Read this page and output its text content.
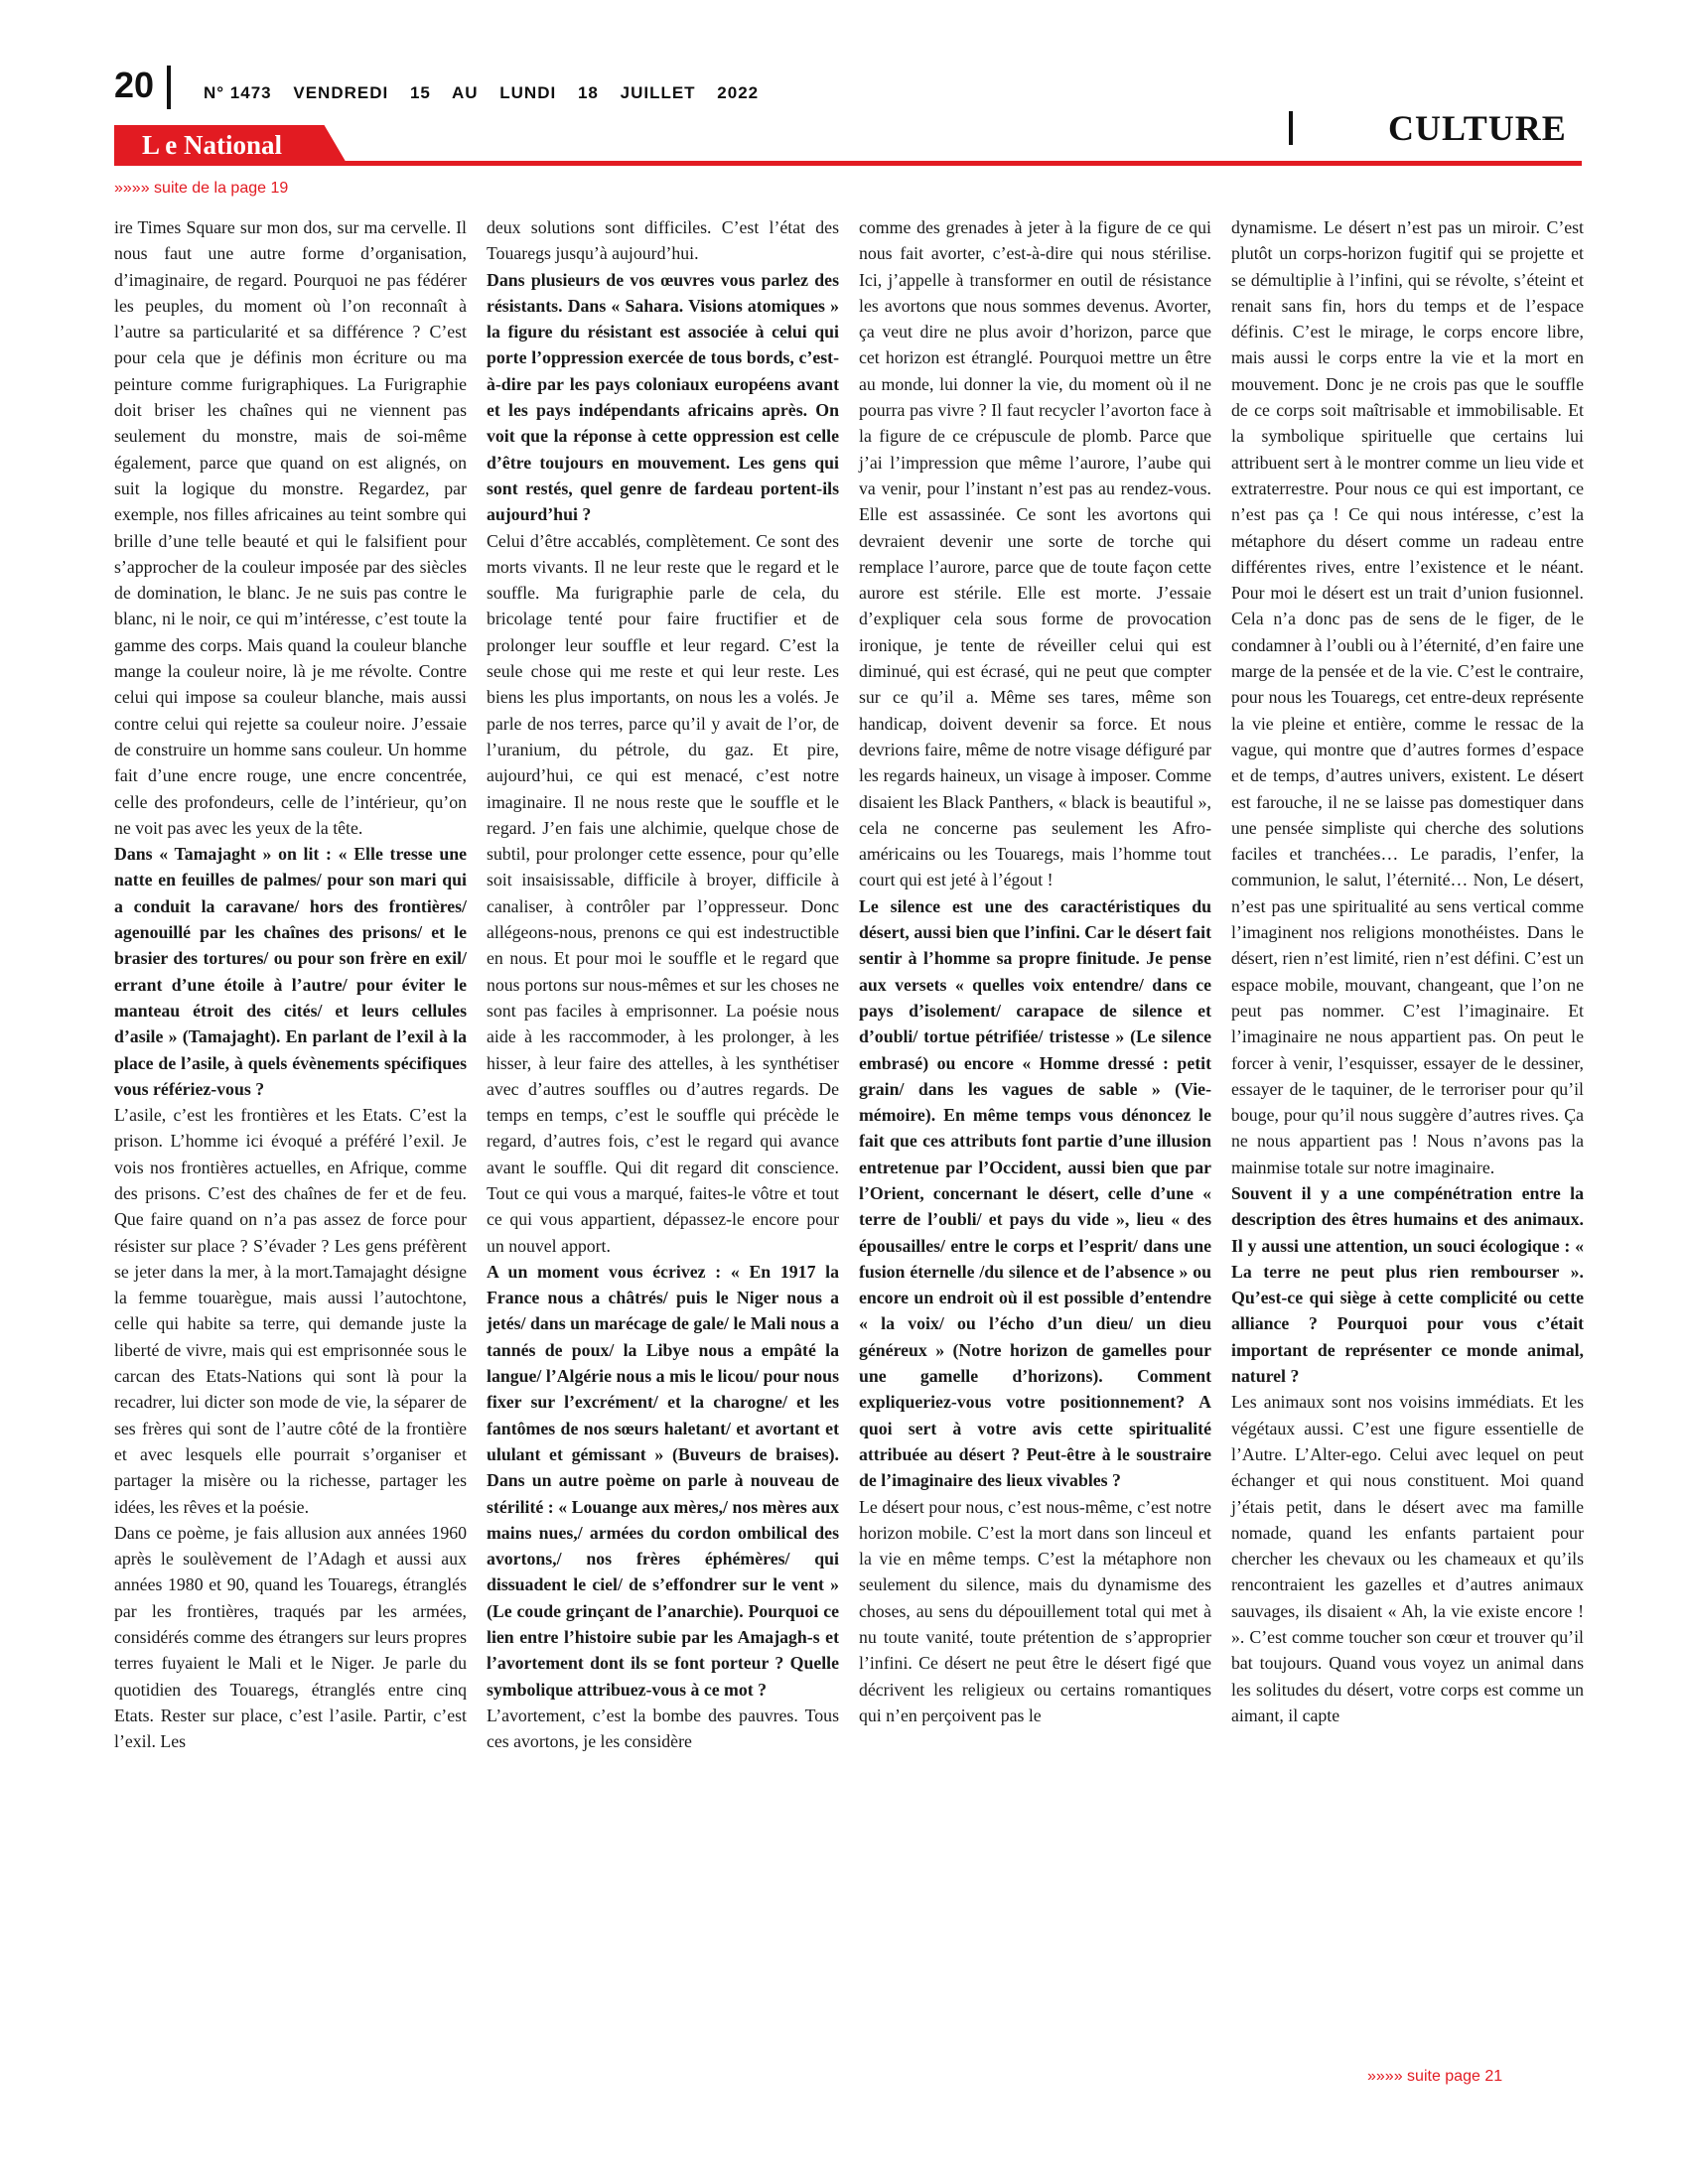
20	N° 1473 VENDREDI 15 AU LUNDI 18 JUILLET 2022
L e National	CULTURE
»»»» suite de la page 19

ire Times Square sur mon dos, sur ma cervelle. Il nous faut une autre forme d’organisation, d’imaginaire, de regard. Pourquoi ne pas fédérer les peuples, du moment où l’on reconnaît à l’autre sa particularité et sa différence ? C’est pour cela que je définis mon écriture ou ma peinture comme furigraphiques. La Furigraphie doit briser les chaînes qui ne viennent pas seulement du monstre, mais de soi-même également, parce que quand on est alignés, on suit la logique du monstre. Regardez, par exemple, nos filles africaines au teint sombre qui brille d’une telle beauté et qui le falsifient pour s’approcher de la couleur imposée par des siècles de domination, le blanc. Je ne suis pas contre le blanc, ni le noir, ce qui m’intéresse, c’est toute la gamme des corps. Mais quand la couleur blanche mange la couleur noire, là je me révolte. Contre celui qui impose sa couleur blanche, mais aussi contre celui qui rejette sa couleur noire. J’essaie de construire un homme sans couleur. Un homme fait d’une encre rouge, une encre concentrée, celle des profondeurs, celle de l’intérieur, qu’on ne voit pas avec les yeux de la tête.

Dans « Tamajaght » on lit : « Elle tresse une natte en feuilles de palmes/ pour son mari qui a conduit la caravane/ hors des frontières/ agenouillé par les chaînes des prisons/ et le brasier des tortures/ ou pour son frère en exil/ errant d’une étoile à l’autre/ pour éviter le manteau étroit des cités/ et leurs cellules d’asile » (Tamajaght). En parlant de l’exil à la place de l’asile, à quels évènements spécifiques vous référiez-vous ?

L’asile, c’est les frontières et les Etats. C’est la prison. L’homme ici évoqué a préféré l’exil. Je vois nos frontières actuelles, en Afrique, comme des prisons. C’est des chaînes de fer et de feu. Que faire quand on n’a pas assez de force pour résister sur place ? S’évader ? Les gens préfèrent se jeter dans la mer, à la mort.Tamajaght désigne la femme touarègue, mais aussi l’autochtone, celle qui habite sa terre, qui demande juste la liberté de vivre, mais qui est emprisonnée sous le carcan des Etats-Nations qui sont là pour la recadrer, lui dicter son mode de vie, la séparer de ses frères qui sont de l’autre côté de la frontière et avec lesquels elle pourrait s’organiser et partager la misère ou la richesse, partager les idées, les rêves et la poésie.

Dans ce poème, je fais allusion aux années 1960 après le soulèvement de l’Adagh et aussi aux années 1980 et 90, quand les Touaregs, étranglés par les frontières, traqués par les armées, considérés comme des étrangers sur leurs propres terres fuyaient le Mali et le Niger. Je parle du quotidien des Touaregs, étranglés entre cinq Etats. Rester sur place, c’est l’asile. Partir, c’est l’exil. Les

deux solutions sont difficiles. C’est l’état des Touaregs jusqu’à aujourd’hui.

Dans plusieurs de vos œuvres vous parlez des résistants. Dans « Sahara. Visions atomiques » la figure du résistant est associée à celui qui porte l’oppression exercée de tous bords, c’est-à-dire par les pays coloniaux européens avant et les pays indépendants africains après. On voit que la réponse à cette oppression est celle d’être toujours en mouvement. Les gens qui sont restés, quel genre de fardeau portent-ils aujourd’hui ?

Celui d’être accablés, complètement. Ce sont des morts vivants. Il ne leur reste que le regard et le souffle. Ma furigraphie parle de cela, du bricolage tenté pour faire fructifier et de prolonger leur souffle et leur regard. C’est la seule chose qui me reste et qui leur reste. Les biens les plus importants, on nous les a volés. Je parle de nos terres, parce qu’il y avait de l’or, de l’uranium, du pétrole, du gaz. Et pire, aujourd’hui, ce qui est menacé, c’est notre imaginaire. Il ne nous reste que le souffle et le regard. J’en fais une alchimie, quelque chose de subtil, pour prolonger cette essence, pour qu’elle soit insaisissable, difficile à broyer, difficile à canaliser, à contrôler par l’oppresseur. Donc allégeons-nous, prenons ce qui est indestructible en nous. Et pour moi le souffle et le regard que nous portons sur nous-mêmes et sur les choses ne sont pas faciles à emprisonner. La poésie nous aide à les raccommoder, à les prolonger, à les hisser, à leur faire des attelles, à les synthétiser avec d’autres souffles ou d’autres regards. De temps en temps, c’est le souffle qui précède le regard, d’autres fois, c’est le regard qui avance avant le souffle. Qui dit regard dit conscience. Tout ce qui vous a marqué, faites-le vôtre et tout ce qui vous appartient, dépassez-le encore pour un nouvel apport.

A un moment vous écrivez : « En 1917 la France nous a châtrés/ puis le Niger nous a jetés/ dans un marécage de gale/ le Mali nous a tannés de poux/ la Libye nous a empâté la langue/ l’Algérie nous a mis le licou/ pour nous fixer sur l’excrément/ et la charogne/ et les fantômes de nos sœurs haletant/ et avortant et ululant et gémissant » (Buveurs de braises). Dans un autre poème on parle à nouveau de stérilité : « Louange aux mères,/ nos mères aux mains nues,/ armées du cordon ombilical des avortons,/ nos frères éphémères/ qui dissuadent le ciel/ de s’effondrer sur le vent » (Le coude grinçant de l’anarchie). Pourquoi ce lien entre l’histoire subie par les Amajagh-s et l’avortement dont ils se font porteur ? Quelle symbolique attribuez-vous à ce mot ?

L’avortement, c’est la bombe des pauvres. Tous ces avortons, je les considère

comme des grenades à jeter à la figure de ce qui nous fait avorter, c’est-à-dire qui nous stérilise. Ici, j’appelle à transformer en outil de résistance les avortons que nous sommes devenus. Avorter, ça veut dire ne plus avoir d’horizon, parce que cet horizon est étranglé. Pourquoi mettre un être au monde, lui donner la vie, du moment où il ne pourra pas vivre ? Il faut recycler l’avorton face à la figure de ce crépuscule de plomb. Parce que j’ai l’impression que même l’aurore, l’aube qui va venir, pour l’instant n’est pas au rendez-vous. Elle est assassinée. Ce sont les avortons qui devraient devenir une sorte de torche qui remplace l’aurore, parce que de toute façon cette aurore est stérile. Elle est morte. J’essaie d’expliquer cela sous forme de provocation ironique, je tente de réveiller celui qui est diminué, qui est écrasé, qui ne peut que compter sur ce qu’il a. Même ses tares, même son handicap, doivent devenir sa force. Et nous devrions faire, même de notre visage défiguré par les regards haineux, un visage à imposer. Comme disaient les Black Panthers, « black is beautiful », cela ne concerne pas seulement les Afro-américains ou les Touaregs, mais l’homme tout court qui est jeté à l’égout !

Le silence est une des caractéristiques du désert, aussi bien que l’infini. Car le désert fait sentir à l’homme sa propre finitude. Je pense aux versets « quelles voix entendre/ dans ce pays d’isolement/ carapace de silence et d’oubli/ tortue pétrifiée/ tristesse » (Le silence embrasé) ou encore « Homme dressé : petit grain/ dans les vagues de sable » (Vie-mémoire). En même temps vous dénoncez le fait que ces attributs font partie d’une illusion entretenue par l’Occident, aussi bien que par l’Orient, concernant le désert, celle d’une « terre de l’oubli/ et pays du vide », lieu « des épousailles/ entre le corps et l’esprit/ dans une fusion éternelle /du silence et de l’absence » ou encore un endroit où il est possible d’entendre « la voix/ ou l’écho d’un dieu/ un dieu généreux » (Notre horizon de gamelles pour une gamelle d’horizons). Comment expliqueriez-vous votre positionnement? A quoi sert à votre avis cette spiritualité attribuée au désert ? Peut-être à le soustraire de l’imaginaire des lieux vivables ?

Le désert pour nous, c’est nous-même, c’est notre horizon mobile. C’est la mort dans son linceul et la vie en même temps. C’est la métaphore non seulement du silence, mais du dynamisme des choses, au sens du dépouillement total qui met à nu toute vanité, toute prétention de s’approprier l’infini. Ce désert ne peut être le désert figé que décrivent les religieux ou certains romantiques qui n’en perçoivent pas le

dynamisme. Le désert n’est pas un miroir. C’est plutôt un corps-horizon fugitif qui se projette et se démultiplie à l’infini, qui se révolte, s’éteint et renait sans fin, hors du temps et de l’espace définis. C’est le mirage, le corps encore libre, mais aussi le corps entre la vie et la mort en mouvement. Donc je ne crois pas que le souffle de ce corps soit maîtrisable et immobilisable. Et la symbolique spirituelle que certains lui attribuent sert à le montrer comme un lieu vide et extraterrestre. Pour nous ce qui est important, ce n’est pas ça ! Ce qui nous intéresse, c’est la métaphore du désert comme un radeau entre différentes rives, entre l’existence et le néant. Pour moi le désert est un trait d’union fusionnel. Cela n’a donc pas de sens de le figer, de le condamner à l’oubli ou à l’éternité, d’en faire une marge de la pensée et de la vie. C’est le contraire, pour nous les Touaregs, cet entre-deux représente la vie pleine et entière, comme le ressac de la vague, qui montre que d’autres formes d’espace et de temps, d’autres univers, existent. Le désert est farouche, il ne se laisse pas domestiquer dans une pensée simpliste qui cherche des solutions faciles et tranchées… Le paradis, l’enfer, la communion, le salut, l’éternité… Non, Le désert, n’est pas une spiritualité au sens vertical comme l’imaginent nos religions monothéistes. Dans le désert, rien n’est limité, rien n’est défini. C’est un espace mobile, mouvant, changeant, que l’on ne peut pas nommer. C’est l’imaginaire. Et l’imaginaire ne nous appartient pas. On peut le forcer à venir, l’esquisser, essayer de le dessiner, essayer de le taquiner, de le terroriser pour qu’il bouge, pour qu’il nous suggère d’autres rives. Ça ne nous appartient pas ! Nous n’avons pas la mainmise totale sur notre imaginaire.

Souvent il y a une compénétration entre la description des êtres humains et des animaux. Il y aussi une attention, un souci écologique : « La terre ne peut plus rien rembourser ». Qu’est-ce qui siège à cette complicité ou cette alliance ? Pourquoi pour vous c’était important de représenter ce monde animal, naturel ?

Les animaux sont nos voisins immédiats. Et les végétaux aussi. C’est une figure essentielle de l’Autre. L’Alter-ego. Celui avec lequel on peut échanger et qui nous constituent. Moi quand j’étais petit, dans le désert avec ma famille nomade, quand les enfants partaient pour chercher les chevaux ou les chameaux et qu’ils rencontraient les gazelles et d’autres animaux sauvages, ils disaient « Ah, la vie existe encore ! ». C’est comme toucher son cœur et trouver qu’il bat toujours. Quand vous voyez un animal dans les solitudes du désert, votre corps est comme un aimant, il capte

»»»» suite page 21
